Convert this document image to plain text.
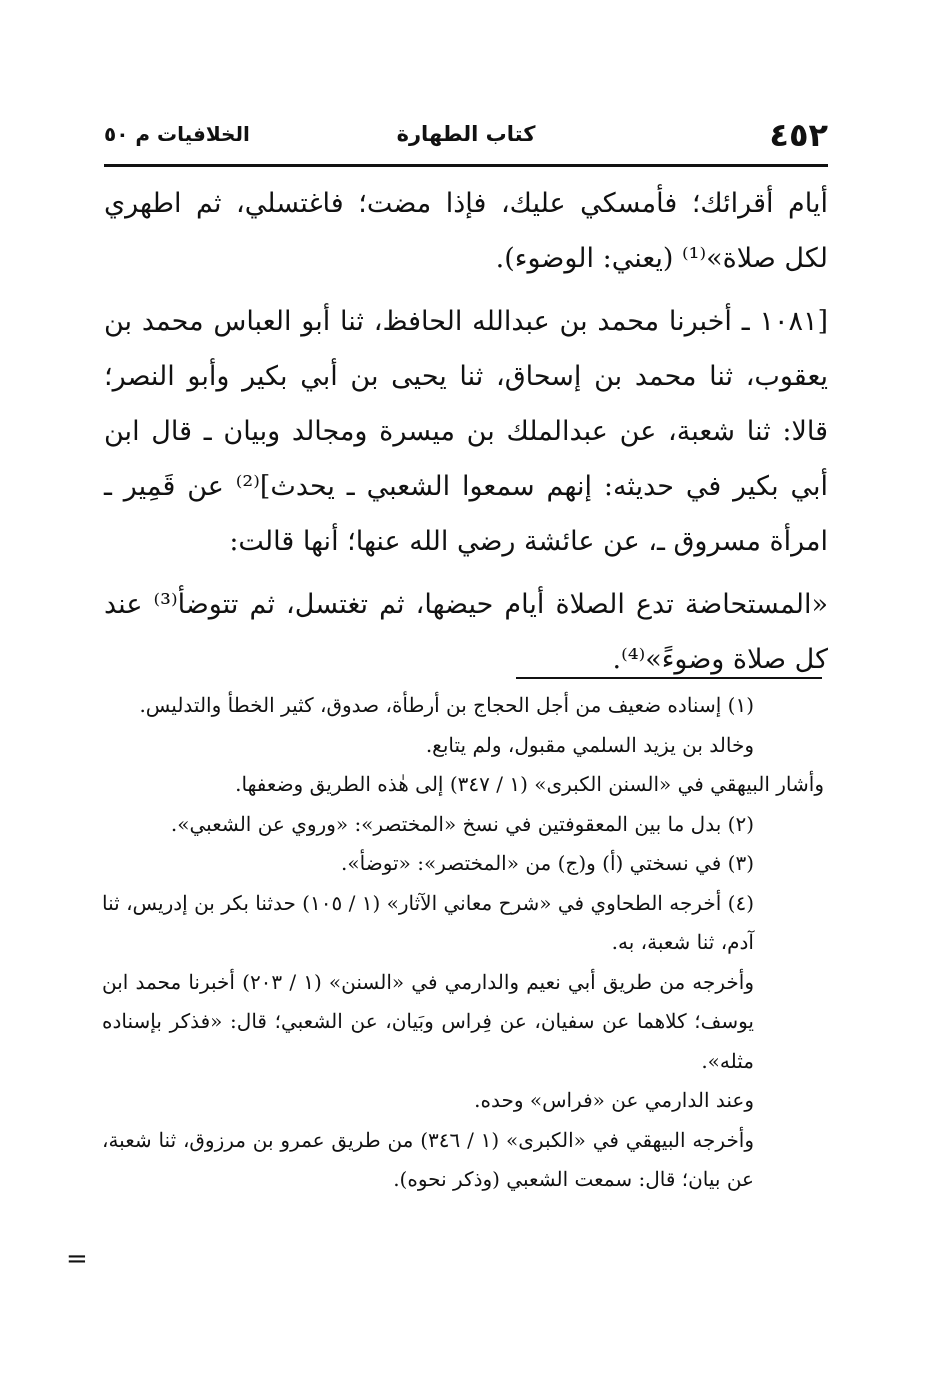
٤٥٢
كتاب الطهارة
الخلافيات م ٥٠

أيام أقرائك؛ فأمسكي عليك، فإذا مضت؛ فاغتسلي، ثم اطهري لكل صلاة»⁽¹⁾ (يعني: الوضوء).

[١٠٨١ ـ أخبرنا محمد بن عبدالله الحافظ، ثنا أبو العباس محمد بن يعقوب، ثنا محمد بن إسحاق، ثنا يحيى بن أبي بكير وأبو النصر؛ قالا: ثنا شعبة، عن عبدالملك بن ميسرة ومجالد وبيان ـ قال ابن أبي بكير في حديثه: إنهم سمعوا الشعبي ـ يحدث]⁽²⁾ عن قَمِير ـ امرأة مسروق ـ، عن عائشة رضي الله عنها؛ أنها قالت:

«المستحاضة تدع الصلاة أيام حيضها، ثم تغتسل، ثم تتوضأ⁽³⁾ عند كل صلاة وضوءً»⁽⁴⁾.

(١) إسناده ضعيف من أجل الحجاج بن أرطأة، صدوق، كثير الخطأ والتدليس.

وخالد بن يزيد السلمي مقبول، ولم يتابع.

وأشار البيهقي في «السنن الكبرى» (١ / ٣٤٧) إلى هٰذه الطريق وضعفها.

(٢) بدل ما بين المعقوفتين في نسخ «المختصر»: «وروي عن الشعبي».

(٣) في نسختي (أ) و(ج) من «المختصر»: «توضأ».

(٤) أخرجه الطحاوي في «شرح معاني الآثار» (١ / ١٠٥) حدثنا بكر بن إدريس، ثنا آدم، ثنا شعبة، به.

وأخرجه من طريق أبي نعيم والدارمي في «السنن» (١ / ٢٠٣) أخبرنا محمد ابن يوسف؛ كلاهما عن سفيان، عن فِراس وبَيان، عن الشعبي؛ قال: «فذكر بإسناده مثله».

وعند الدارمي عن «فراس» وحده.

وأخرجه البيهقي في «الكبرى» (١ / ٣٤٦) من طريق عمرو بن مرزوق، ثنا شعبة، عن بيان؛ قال: سمعت الشعبي (وذكر نحوه).

=
